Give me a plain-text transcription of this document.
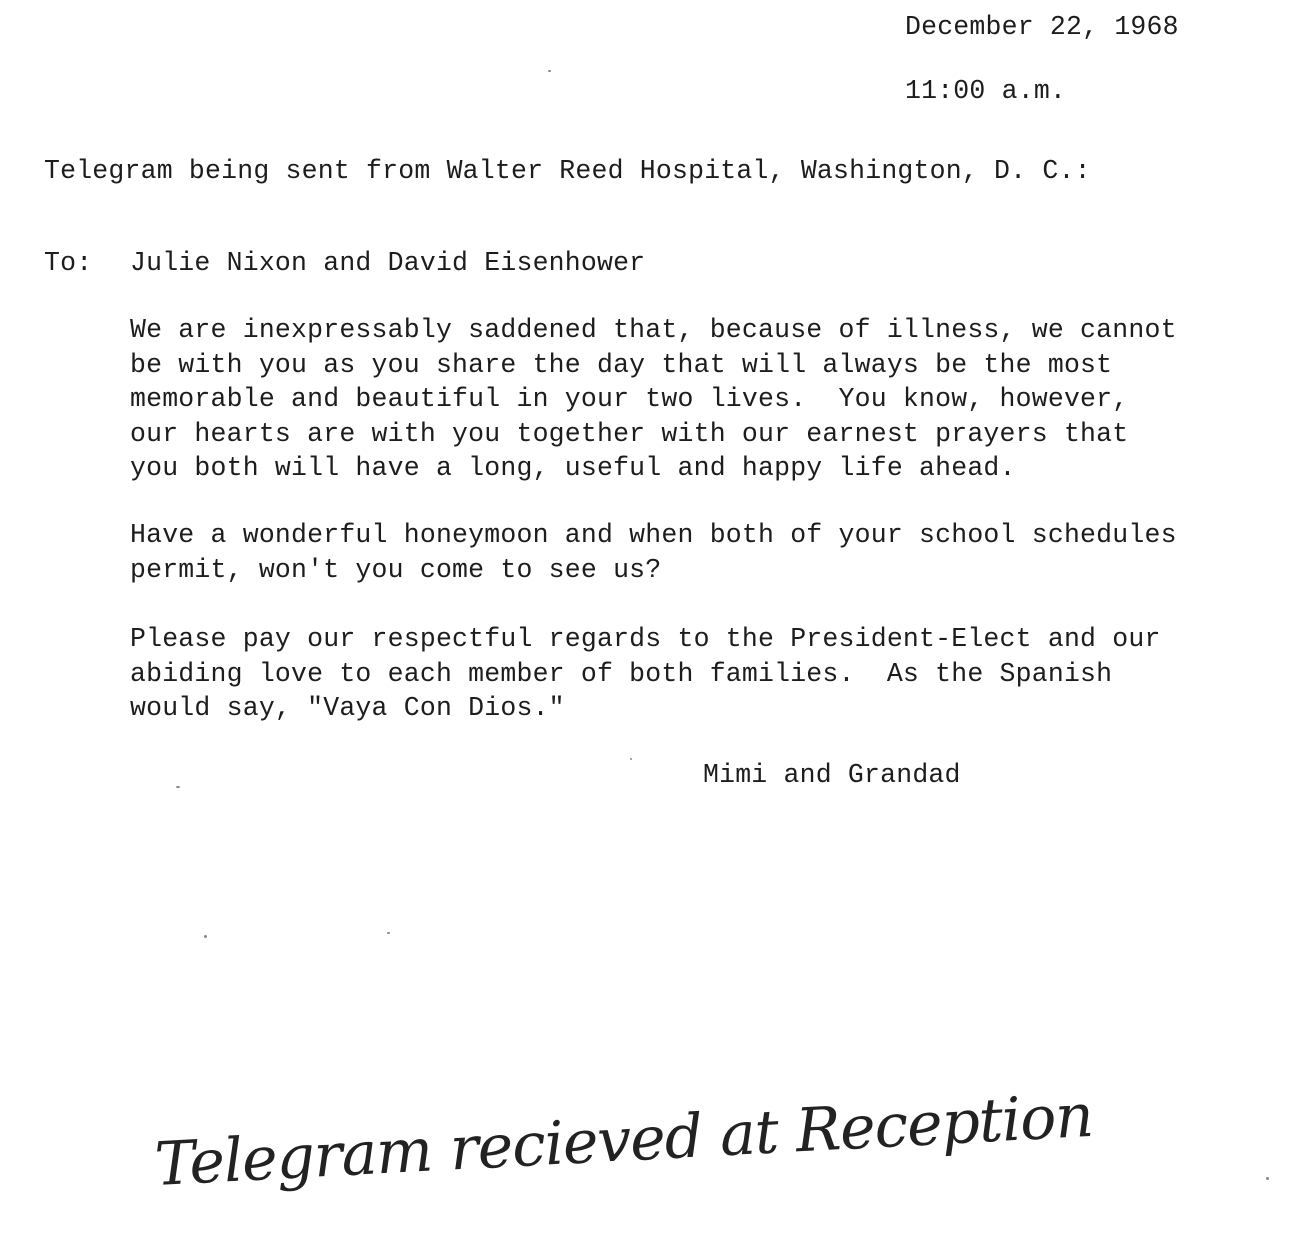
December 22, 1968
11:00 a.m.
Telegram being sent from Walter Reed Hospital, Washington, D. C.:
To: Julie Nixon and David Eisenhower
We are inexpressably saddened that, because of illness, we cannot
be with you as you share the day that will always be the most
memorable and beautiful in your two lives.  You know, however,
our hearts are with you together with our earnest prayers that
you both will have a long, useful and happy life ahead.
Have a wonderful honeymoon and when both of your school schedules
permit, won't you come to see us?
Please pay our respectful regards to the President-Elect and our
abiding love to each member of both families.  As the Spanish
would say, "Vaya Con Dios."
Mimi and Grandad
Telegram recieved at Reception
